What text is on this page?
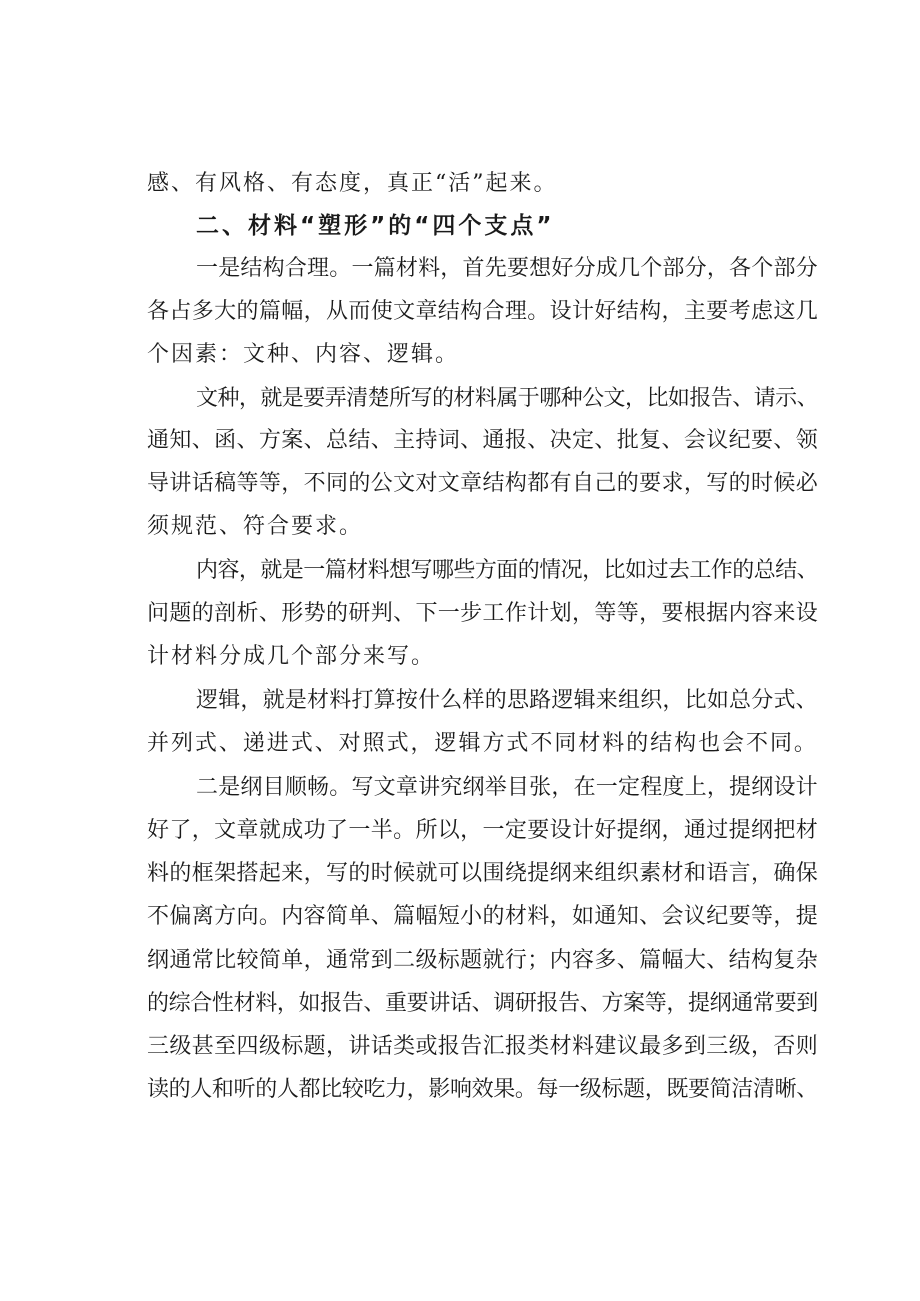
感、有风格、有态度，真正“活”起来。
二、材料“塑形”的“四个支点”
一是结构合理。一篇材料，首先要想好分成几个部分，各个部分
各占多大的篇幅，从而使文章结构合理。设计好结构，主要考虑这几
个因素：文种、内容、逻辑。
文种，就是要弄清楚所写的材料属于哪种公文，比如报告、请示、
通知、函、方案、总结、主持词、通报、决定、批复、会议纪要、领
导讲话稿等等，不同的公文对文章结构都有自己的要求，写的时候必
须规范、符合要求。
内容，就是一篇材料想写哪些方面的情况，比如过去工作的总结、
问题的剖析、形势的研判、下一步工作计划，等等，要根据内容来设
计材料分成几个部分来写。
逻辑，就是材料打算按什么样的思路逻辑来组织，比如总分式、
并列式、递进式、对照式，逻辑方式不同材料的结构也会不同。
二是纲目顺畅。写文章讲究纲举目张，在一定程度上，提纲设计
好了，文章就成功了一半。所以，一定要设计好提纲，通过提纲把材
料的框架搭起来，写的时候就可以围绕提纲来组织素材和语言，确保
不偏离方向。内容简单、篇幅短小的材料，如通知、会议纪要等，提
纲通常比较简单，通常到二级标题就行；内容多、篇幅大、结构复杂
的综合性材料，如报告、重要讲话、调研报告、方案等，提纲通常要到
三级甚至四级标题，讲话类或报告汇报类材料建议最多到三级，否则
读的人和听的人都比较吃力，影响效果。每一级标题，既要简洁清晰、
